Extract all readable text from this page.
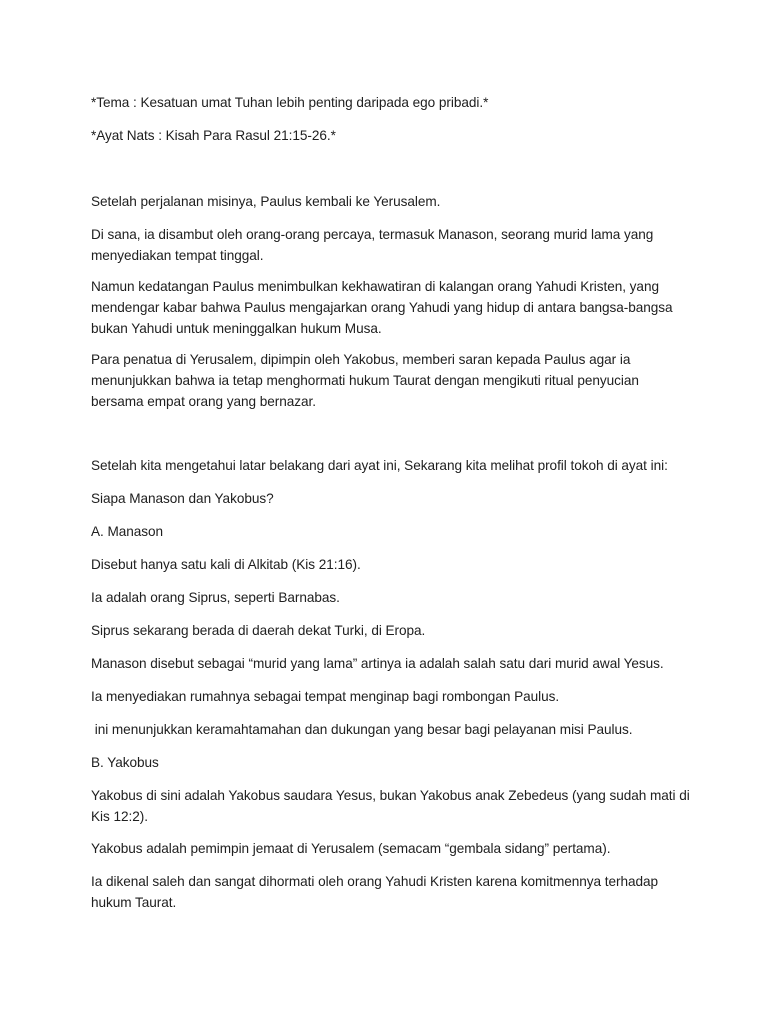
*Tema : Kesatuan umat Tuhan lebih penting daripada ego pribadi.*

*Ayat Nats : Kisah Para Rasul 21:15-26.*

Setelah perjalanan misinya, Paulus kembali ke Yerusalem.

Di sana, ia disambut oleh orang-orang percaya, termasuk Manason, seorang murid lama yang menyediakan tempat tinggal.

Namun kedatangan Paulus menimbulkan kekhawatiran di kalangan orang Yahudi Kristen, yang mendengar kabar bahwa Paulus mengajarkan orang Yahudi yang hidup di antara bangsa-bangsa bukan Yahudi untuk meninggalkan hukum Musa.

Para penatua di Yerusalem, dipimpin oleh Yakobus, memberi saran kepada Paulus agar ia menunjukkan bahwa ia tetap menghormati hukum Taurat dengan mengikuti ritual penyucian bersama empat orang yang bernazar.

Setelah kita mengetahui latar belakang dari ayat ini, Sekarang kita melihat profil tokoh di ayat ini:

Siapa Manason dan Yakobus?

A. Manason

Disebut hanya satu kali di Alkitab (Kis 21:16).

Ia adalah orang Siprus, seperti Barnabas.

Siprus sekarang berada di daerah dekat Turki, di Eropa.

Manason disebut sebagai “murid yang lama” artinya ia adalah salah satu dari murid awal Yesus.

Ia menyediakan rumahnya sebagai tempat menginap bagi rombongan Paulus.

ini menunjukkan keramahtamahan dan dukungan yang besar bagi pelayanan misi Paulus.

B. Yakobus

Yakobus di sini adalah Yakobus saudara Yesus, bukan Yakobus anak Zebedeus (yang sudah mati di Kis 12:2).

Yakobus adalah pemimpin jemaat di Yerusalem (semacam “gembala sidang” pertama).

Ia dikenal saleh dan sangat dihormati oleh orang Yahudi Kristen karena komitmennya terhadap hukum Taurat.
